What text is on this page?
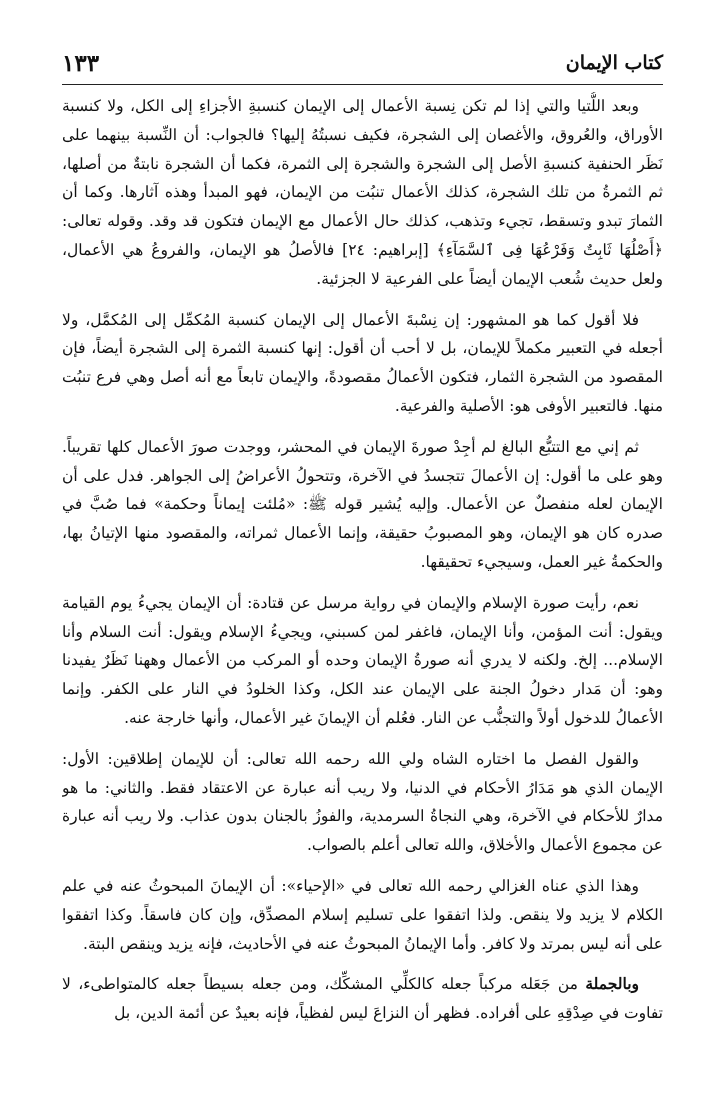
كتاب الإيمان
١٣٣

وبعد اللُّتيا والتي إذا لم تكن نِسبة الأعمال إلى الإيمان كنسبةِ الأجزاءِ إلى الكل، ولا كنسبة الأوراق، والعُروق، والأغصان إلى الشجرة، فكيف نسبتُهُ إليها؟ فالجواب: أن النِّسبة بينهما على نَظَر الحنفية كنسبةِ الأصل إلى الشجرة والشجرة إلى الثمرة، فكما أن الشجرة نابتةٌ من أصلها، ثم الثمرةُ من تلك الشجرة، كذلك الأعمال تنبُت من الإيمان، فهو المبدأ وهذه آثارها. وكما أن الثمارَ تبدو وتسقط، تجيء وتذهب، كذلك حال الأعمال مع الإيمان فتكون قد وقد. وقوله تعالى: ﴿أَصْلُهَا ثَابِتٌ وَفَرْعُهَا فِى ٱلسَّمَآءِ﴾ [إبراهيم: ٢٤] فالأصلُ هو الإيمان، والفروعُ هي الأعمال، ولعل حديث شُعب الإيمان أيضاً على الفرعية لا الجزئية.

فلا أقول كما هو المشهور: إن نِسْبةَ الأعمال إلى الإيمان كنسبة المُكمِّل إلى المُكمَّل، ولا أجعله في التعبير مكملاً للإيمان، بل لا أحب أن أقول: إنها كنسبة الثمرة إلى الشجرة أيضاً، فإن المقصود من الشجرة الثمار، فتكون الأعمالُ مقصودةً، والإيمان تابعاً مع أنه أصل وهي فرع تنبُت منها. فالتعبير الأوفى هو: الأصلية والفرعية.

ثم إني مع التتبُّع البالغ لم أجِدْ صورةَ الإيمان في المحشر، ووجدت صورَ الأعمال كلها تقريباً. وهو على ما أقول: إن الأعمالَ تتجسدُ في الآخرة، وتتحولُ الأعراضُ إلى الجواهر. فدل على أن الإيمان لعله منفصلٌ عن الأعمال. وإليه يُشير قوله ﷺ: «مُلئت إيماناً وحكمة» فما صُبَّ في صدره كان هو الإيمان، وهو المصبوبُ حقيقة، وإنما الأعمال ثمراته، والمقصود منها الإتيانُ بها، والحكمةُ غير العمل، وسيجيء تحقيقها.

نعم، رأيت صورة الإسلام والإيمان في رواية مرسل عن قتادة: أن الإيمان يجيءُ يوم القيامة ويقول: أنت المؤمن، وأنا الإيمان، فاغفر لمن كسبني، ويجيءُ الإسلام ويقول: أنت السلام وأنا الإسلام... إلخ. ولكنه لا يدري أنه صورةُ الإيمان وحده أو المركب من الأعمال وههنا نَظَرٌ يفيدنا وهو: أن مَدار دخولُ الجنة على الإيمان عند الكل، وكذا الخلودُ في النار على الكفر. وإنما الأعمالُ للدخول أولاً والتجنُّب عن النار. فعُلم أن الإيمانَ غير الأعمال، وأنها خارجة عنه.

والقول الفصل ما اختاره الشاه ولي الله رحمه الله تعالى: أن للإيمان إطلاقين: الأول: الإيمان الذي هو مَدَارُ الأحكام في الدنيا، ولا ريب أنه عبارة عن الاعتقاد فقط. والثاني: ما هو مدارٌ للأحكام في الآخرة، وهي النجاةُ السرمدية، والفوزُ بالجنان بدون عذاب. ولا ريب أنه عبارة عن مجموع الأعمال والأخلاق، والله تعالى أعلم بالصواب.

وهذا الذي عناه الغزالي رحمه الله تعالى في «الإحياء»: أن الإيمانَ المبحوثُ عنه في علم الكلام لا يزيد ولا ينقص. ولذا اتفقوا على تسليم إسلام المصدِّق، وإن كان فاسقاً. وكذا اتفقوا على أنه ليس بمرتد ولا كافر. وأما الإيمانُ المبحوثُ عنه في الأحاديث، فإنه يزيد وينقص البتة.

وبالجملة من جَعَله مركباً جعله كالكلِّي المشكِّك، ومن جعله بسيطاً جعله كالمتواطىء، لا تفاوت في صِدْقِهِ على أفراده. فظهر أن النزاعَ ليس لفظياً، فإنه بعيدٌ عن أئمة الدين، بل
